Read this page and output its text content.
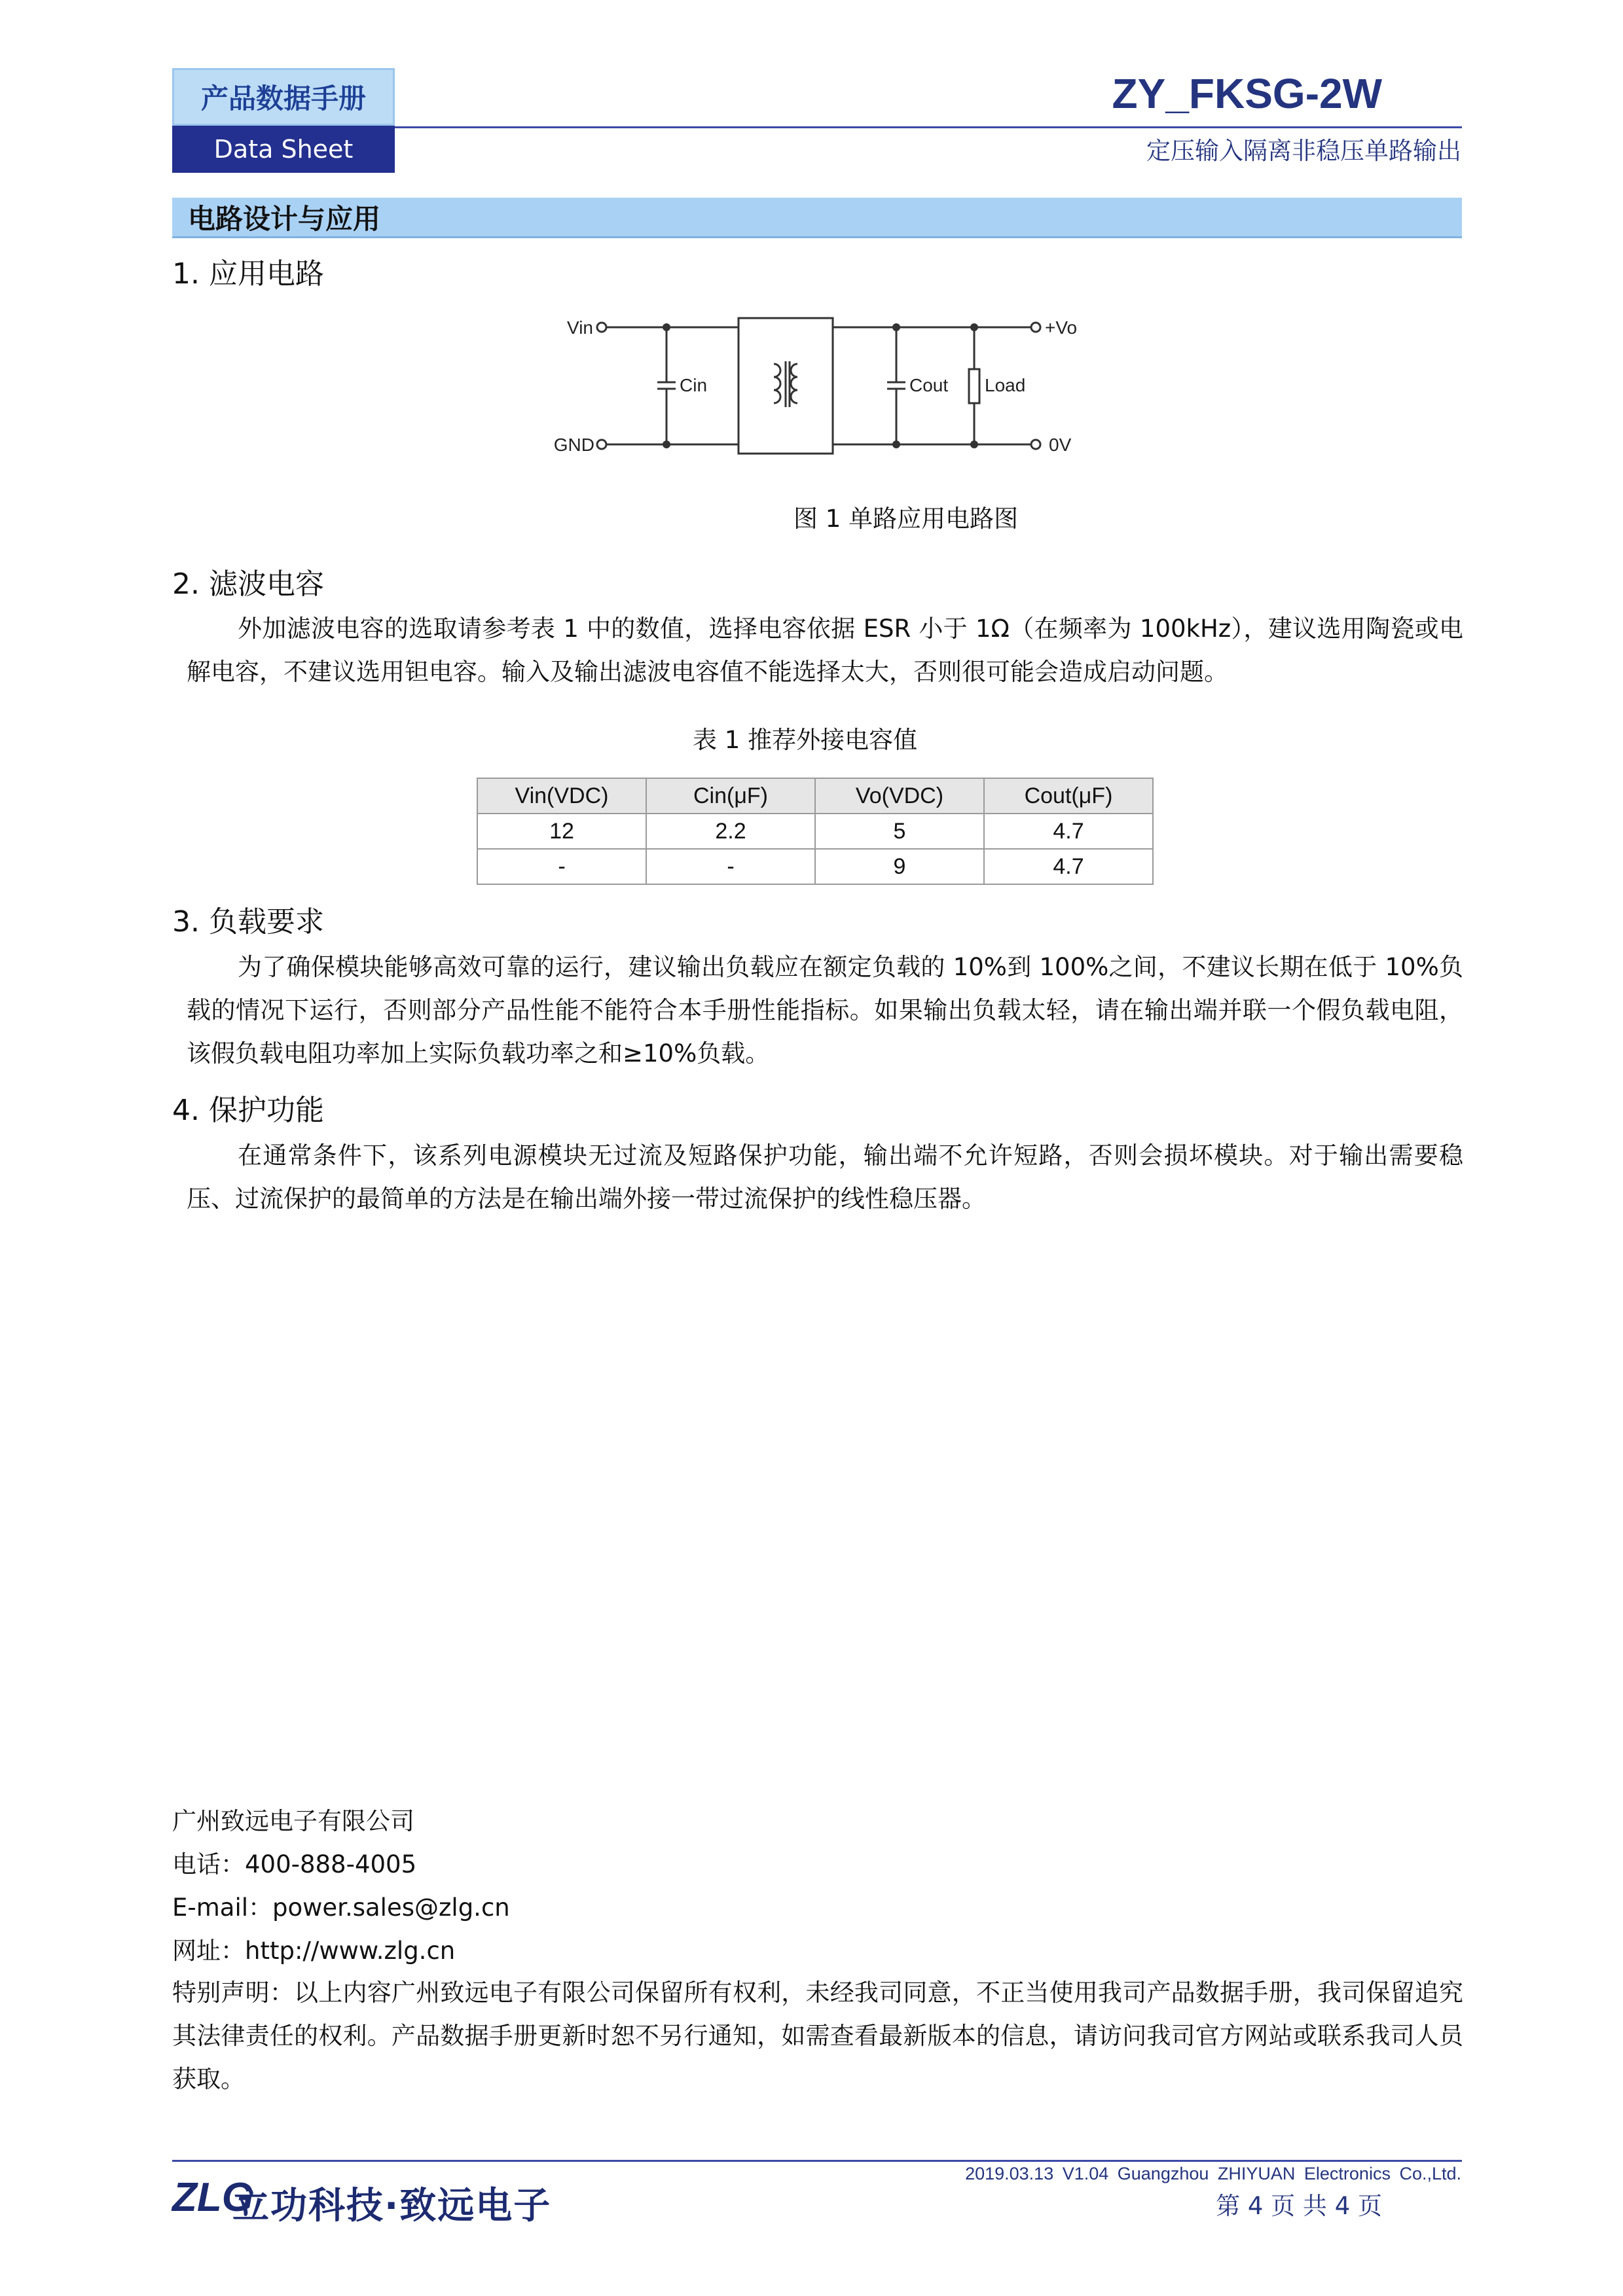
产品数据手册
Data Sheet
ZY_FKSG-2W
定压输入隔离非稳压单路输出
电路设计与应用
1. 应用电路
Vin
GND
Cin	Cout Load
+Vo
0V
图 1 单路应用电路图
2. 滤波电容
外加滤波电容的选取请参考表 1 中的数值，选择电容依据 ESR 小于 1Ω（在频率为 100kHz），建议选用陶瓷或电解电容，不建议选用钽电容。输入及输出滤波电容值不能选择太大，否则很可能会造成启动问题。
表 1 推荐外接电容值
Vin(VDC)	Cin(μF)	Vo(VDC)	Cout(μF)
12	2.2	5	4.7
-	-	9	4.7
3. 负载要求
为了确保模块能够高效可靠的运行，建议输出负载应在额定负载的 10%到 100%之间，不建议长期在低于 10%负载的情况下运行，否则部分产品性能不能符合本手册性能指标。如果输出负载太轻，请在输出端并联一个假负载电阻，该假负载电阻功率加上实际负载功率之和≥10%负载。
4. 保护功能
在通常条件下，该系列电源模块无过流及短路保护功能，输出端不允许短路，否则会损坏模块。对于输出需要稳压、过流保护的最简单的方法是在输出端外接一带过流保护的线性稳压器。
广州致远电子有限公司
电话：400-888-4005
E-mail：power.sales@zlg.cn
网址：http://www.zlg.cn
特别声明：以上内容广州致远电子有限公司保留所有权利，未经我司同意，不正当使用我司产品数据手册，我司保留追究其法律责任的权利。产品数据手册更新时恕不另行通知，如需查看最新版本的信息，请访问我司官方网站或联系我司人员获取。
ZLG
立功科技·致远电子
2019.03.13 V1.04 Guangzhou ZHIYUAN Electronics Co.,Ltd.
第 4 页 共 4 页
